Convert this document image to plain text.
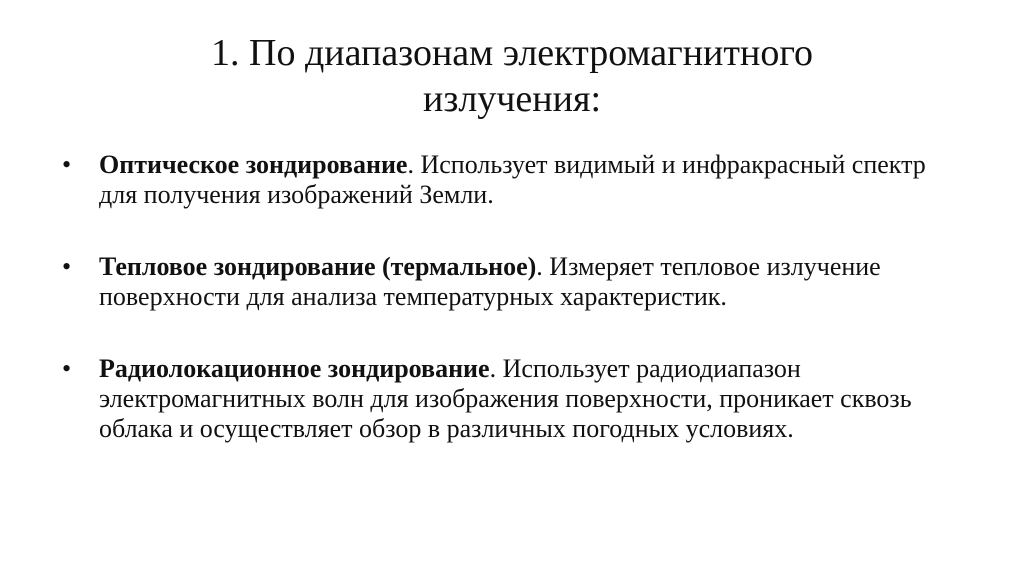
1. По диапазонам электромагнитного излучения:
• Оптическое зондирование. Использует видимый и инфракрасный спектр для получения изображений Земли.
• Тепловое зондирование (термальное). Измеряет тепловое излучение поверхности для анализа температурных характеристик.
• Радиолокационное зондирование. Использует радиодиапазон электромагнитных волн для изображения поверхности, проникает сквозь облака и осуществляет обзор в различных погодных условиях.
